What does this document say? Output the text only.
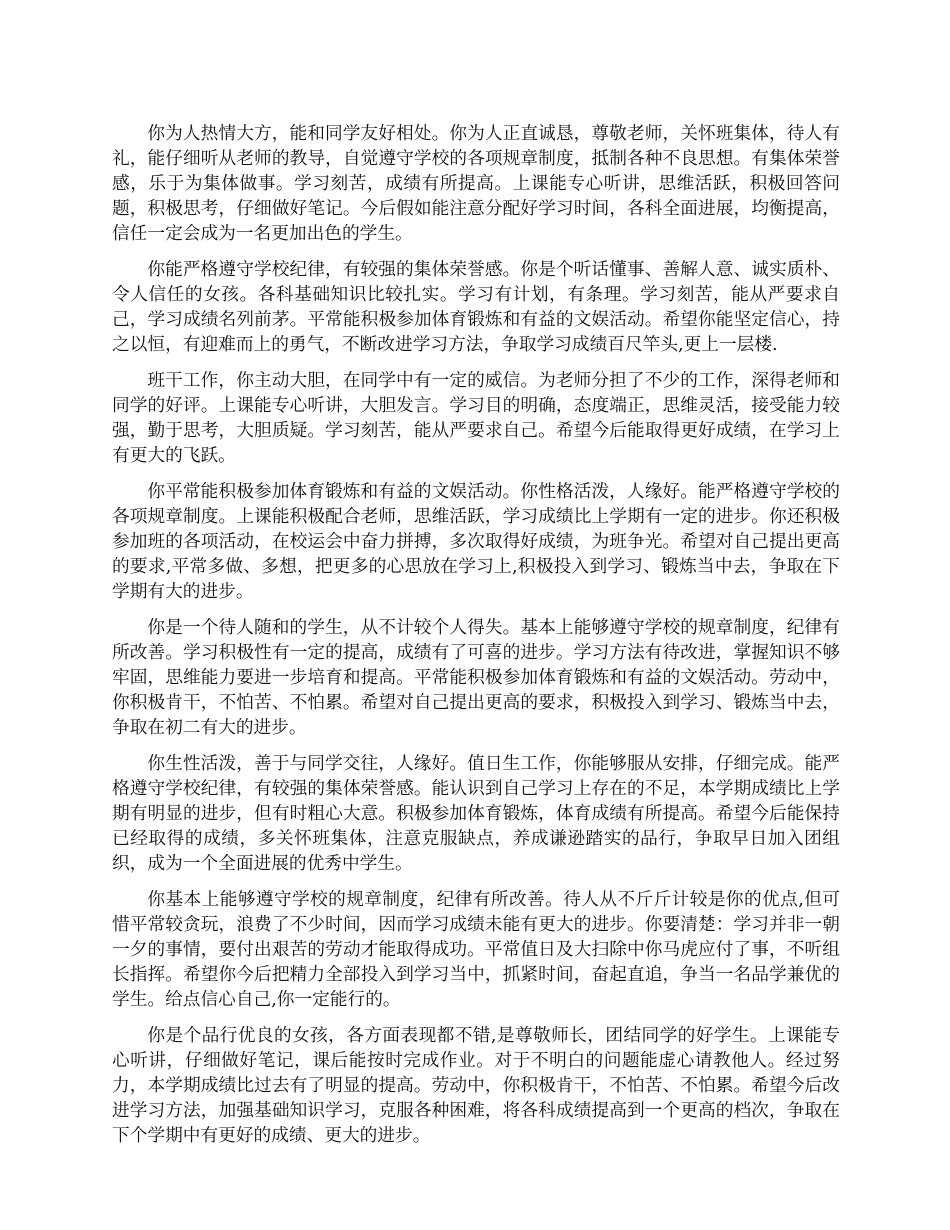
你为人热情大方，能和同学友好相处。你为人正直诚恳，尊敬老师，关怀班集体，待人有礼，能仔细听从老师的教导，自觉遵守学校的各项规章制度，抵制各种不良思想。有集体荣誉感，乐于为集体做事。学习刻苦，成绩有所提高。上课能专心听讲，思维活跃，积极回答问题，积极思考，仔细做好笔记。今后假如能注意分配好学习时间，各科全面进展，均衡提高，信任一定会成为一名更加出色的学生。

你能严格遵守学校纪律，有较强的集体荣誉感。你是个听话懂事、善解人意、诚实质朴、令人信任的女孩。各科基础知识比较扎实。学习有计划，有条理。学习刻苦，能从严要求自己，学习成绩名列前茅。平常能积极参加体育锻炼和有益的文娱活动。希望你能坚定信心，持之以恒，有迎难而上的勇气，不断改进学习方法，争取学习成绩百尺竿头,更上一层楼.

班干工作，你主动大胆，在同学中有一定的威信。为老师分担了不少的工作，深得老师和同学的好评。上课能专心听讲，大胆发言。学习目的明确，态度端正，思维灵活，接受能力较强，勤于思考，大胆质疑。学习刻苦，能从严要求自己。希望今后能取得更好成绩，在学习上有更大的飞跃。

你平常能积极参加体育锻炼和有益的文娱活动。你性格活泼，人缘好。能严格遵守学校的各项规章制度。上课能积极配合老师，思维活跃，学习成绩比上学期有一定的进步。你还积极参加班的各项活动，在校运会中奋力拼搏，多次取得好成绩，为班争光。希望对自己提出更高的要求,平常多做、多想，把更多的心思放在学习上,积极投入到学习、锻炼当中去，争取在下学期有大的进步。

你是一个待人随和的学生，从不计较个人得失。基本上能够遵守学校的规章制度，纪律有所改善。学习积极性有一定的提高，成绩有了可喜的进步。学习方法有待改进，掌握知识不够牢固，思维能力要进一步培育和提高。平常能积极参加体育锻炼和有益的文娱活动。劳动中，你积极肯干，不怕苦、不怕累。希望对自己提出更高的要求，积极投入到学习、锻炼当中去，争取在初二有大的进步。

你生性活泼，善于与同学交往，人缘好。值日生工作，你能够服从安排，仔细完成。能严格遵守学校纪律，有较强的集体荣誉感。能认识到自己学习上存在的不足，本学期成绩比上学期有明显的进步，但有时粗心大意。积极参加体育锻炼，体育成绩有所提高。希望今后能保持已经取得的成绩，多关怀班集体，注意克服缺点，养成谦逊踏实的品行，争取早日加入团组织，成为一个全面进展的优秀中学生。

你基本上能够遵守学校的规章制度，纪律有所改善。待人从不斤斤计较是你的优点,但可惜平常较贪玩，浪费了不少时间，因而学习成绩未能有更大的进步。你要清楚：学习并非一朝一夕的事情，要付出艰苦的劳动才能取得成功。平常值日及大扫除中你马虎应付了事，不听组长指挥。希望你今后把精力全部投入到学习当中，抓紧时间，奋起直追，争当一名品学兼优的学生。给点信心自己,你一定能行的。

你是个品行优良的女孩，各方面表现都不错,是尊敬师长，团结同学的好学生。上课能专心听讲，仔细做好笔记，课后能按时完成作业。对于不明白的问题能虚心请教他人。经过努力，本学期成绩比过去有了明显的提高。劳动中，你积极肯干，不怕苦、不怕累。希望今后改进学习方法，加强基础知识学习，克服各种困难，将各科成绩提高到一个更高的档次，争取在下个学期中有更好的成绩、更大的进步。
